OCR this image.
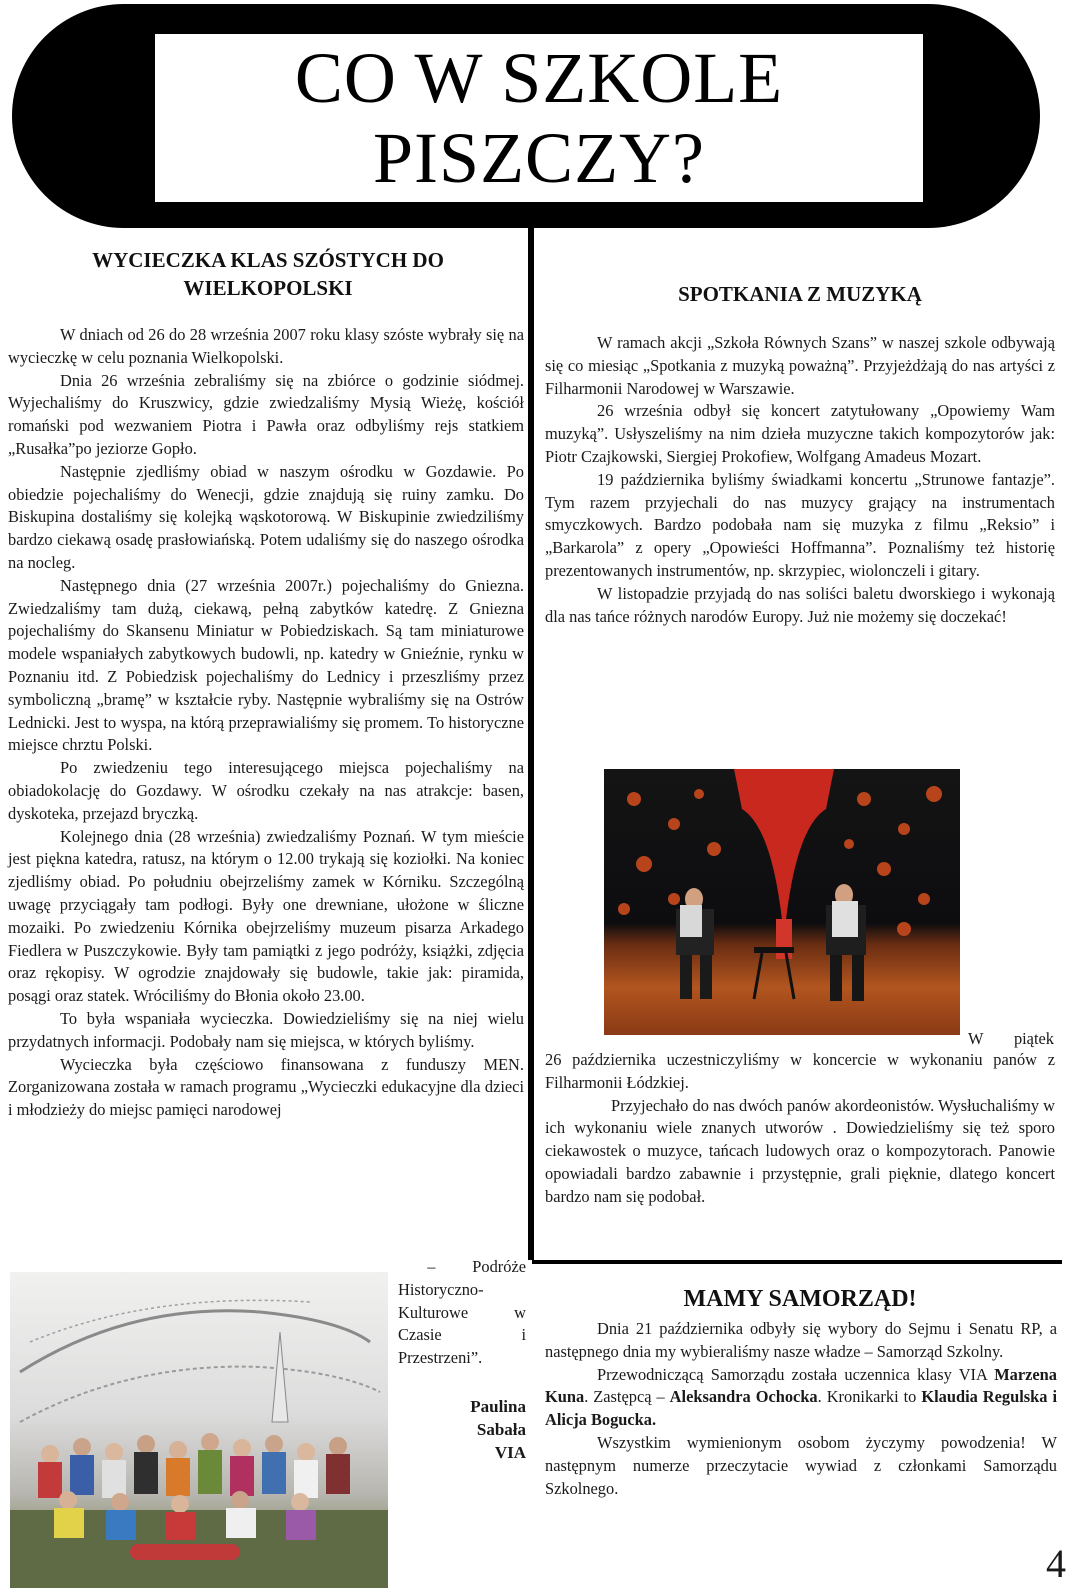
CO W SZKOLE
PISZCZY?
WYCIECZKA KLAS SZÓSTYCH DO WIELKOPOLSKI

W dniach od 26 do 28 września 2007 roku klasy szóste wybrały się na wycieczkę w celu poznania Wielkopolski.

Dnia 26 września zebraliśmy się na zbiórce o godzinie siódmej. Wyjechaliśmy do Kruszwicy, gdzie zwiedzaliśmy Mysią Wieżę, kościół romański pod wezwaniem Piotra i Pawła oraz odbyliśmy rejs statkiem „Rusałka”po jeziorze Gopło.

Następnie zjedliśmy obiad w naszym ośrodku w Gozdawie. Po obiedzie pojechaliśmy do Wenecji, gdzie znajdują się ruiny zamku. Do Biskupina dostaliśmy się kolejką wąskotorową. W Biskupinie zwiedziliśmy bardzo ciekawą osadę prasłowiańską. Potem udaliśmy się do naszego ośrodka na nocleg.

Następnego dnia (27 września 2007r.) pojechaliśmy do Gniezna. Zwiedzaliśmy tam dużą, ciekawą, pełną zabytków katedrę. Z Gniezna pojechaliśmy do Skansenu Miniatur w Pobiedziskach. Są tam miniaturowe modele wspaniałych zabytkowych budowli, np. katedry w Gnieźnie, rynku w Poznaniu itd. Z Pobiedzisk pojechaliśmy do Lednicy i przeszliśmy przez symboliczną „bramę” w kształcie ryby. Następnie wybraliśmy się na Ostrów Lednicki. Jest to wyspa, na którą przeprawialiśmy się promem. To historyczne miejsce chrztu Polski.

Po zwiedzeniu tego interesującego miejsca pojechaliśmy na obiadokolację do Gozdawy. W ośrodku czekały na nas atrakcje: basen, dyskoteka, przejazd bryczką.

Kolejnego dnia (28 września) zwiedzaliśmy Poznań. W tym mieście jest piękna katedra, ratusz, na którym o 12.00 trykają się koziołki. Na koniec zjedliśmy obiad. Po południu obejrzeliśmy zamek w Kórniku. Szczególną uwagę przyciągały tam podłogi. Były one drewniane, ułożone w śliczne mozaiki. Po zwiedzeniu Kórnika obejrzeliśmy muzeum pisarza Arkadego Fiedlera w Puszczykowie. Były tam pamiątki z jego podróży, książki, zdjęcia oraz rękopisy. W ogrodzie znajdowały się budowle, takie jak: piramida, posągi oraz statek. Wróciliśmy do Błonia około 23.00.

To była wspaniała wycieczka. Dowiedzieliśmy się na niej wielu przydatnych informacji. Podobały nam się miejsca, w których byliśmy.

Wycieczka była częściowo finansowana z funduszy MEN. Zorganizowana została w ramach programu „Wycieczki edukacyjne dla dzieci i młodzieży do miejsc pamięci narodowej

– Podróże
Historyczno-
Kulturowe	w
Czasie	i
Przestrzeni”.
Paulina
Sabała
VIA
SPOTKANIA Z MUZYKĄ

W ramach akcji „Szkoła Równych Szans” w naszej szkole odbywają się co miesiąc „Spotkania z muzyką poważną”. Przyjeżdżają do nas artyści z Filharmonii Narodowej w Warszawie.

26 września odbył się koncert zatytułowany „Opowiemy Wam muzyką”. Usłyszeliśmy na nim dzieła muzyczne takich kompozytorów jak: Piotr Czajkowski, Siergiej Prokofiew, Wolfgang Amadeus Mozart.

19 października byliśmy świadkami koncertu „Strunowe fantazje”. Tym razem przyjechali do nas muzycy grający na instrumentach smyczkowych. Bardzo podobała nam się muzyka z filmu „Reksio” i „Barkarola” z opery „Opowieści Hoffmanna”. Poznaliśmy też historię prezentowanych instrumentów, np. skrzypiec, wiolonczeli i gitary.

W listopadzie przyjadą do nas soliści baletu dworskiego i wykonają dla nas tańce różnych narodów Europy. Już nie możemy się doczekać!

W piątek

26 października uczestniczyliśmy w koncercie w wykonaniu panów z Filharmonii Łódzkiej.

Przyjechało do nas dwóch panów akordeonistów. Wysłuchaliśmy w ich wykonaniu wiele znanych utworów . Dowiedzieliśmy się też sporo ciekawostek o muzyce, tańcach ludowych oraz o kompozytorach. Panowie opowiadali bardzo zabawnie i przystępnie, grali pięknie, dlatego koncert bardzo nam się podobał.

MAMY SAMORZĄD!

Dnia 21 października odbyły się wybory do Sejmu i Senatu RP, a następnego dnia my wybieraliśmy nasze władze – Samorząd Szkolny.

Przewodniczącą Samorządu została uczennica klasy VIA Marzena Kuna. Zastępcą – Aleksandra Ochocka. Kronikarki to Klaudia Regulska i Alicja Bogucka.

Wszystkim wymienionym osobom życzymy powodzenia! W następnym numerze przeczytacie wywiad z członkami Samorządu Szkolnego.

4
